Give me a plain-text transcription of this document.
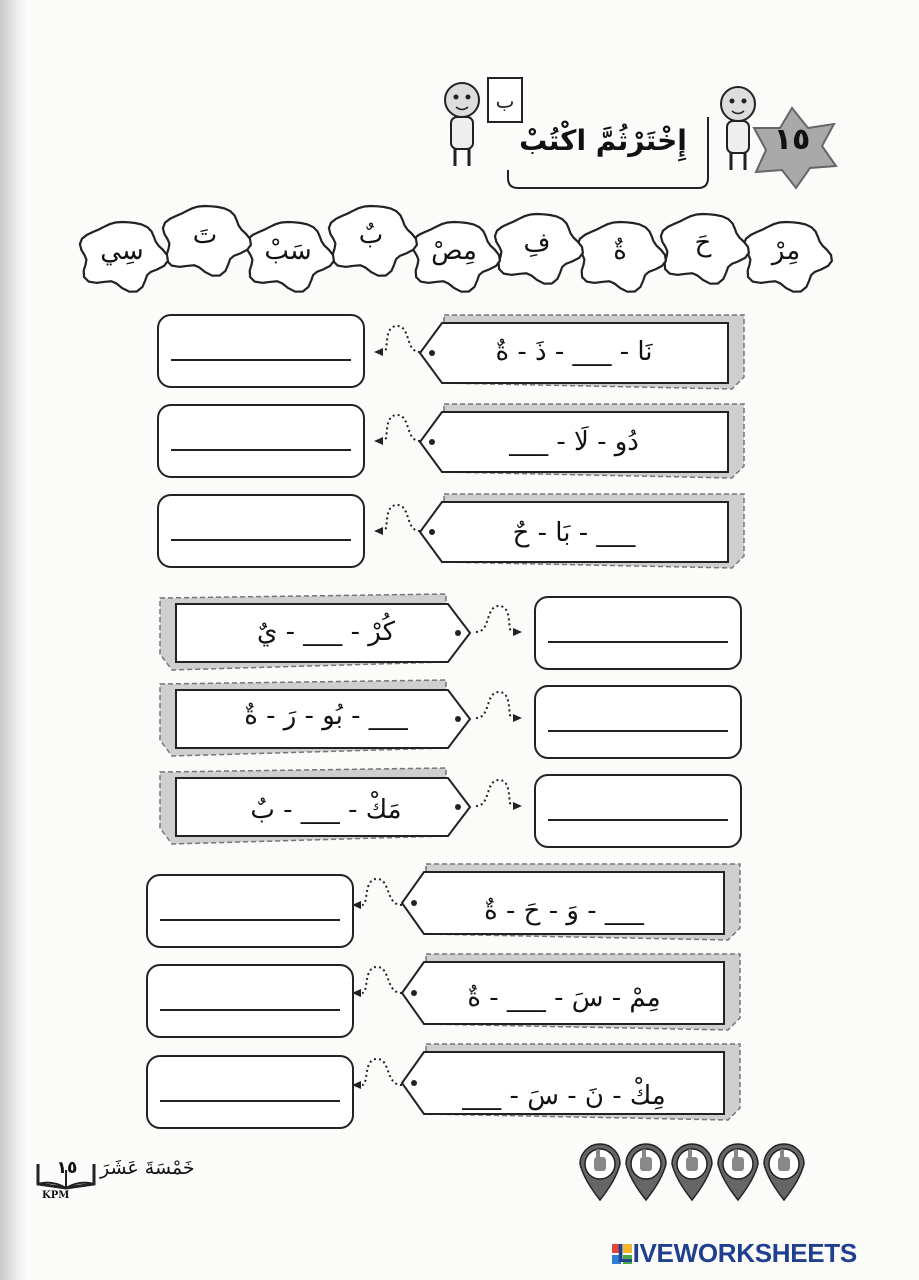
ب
١٥
إِخْتَرْثُمَّ اكْتُبْ
مِرْ
حَ
ةٌ
فِ
مِصْ
بٌ
سَبْ
تَ
سِي
نَا - ___ - ذَ - ةٌ
دُو - لَا - ___
___ - بَا - حٌ
كُرْ - ___ - يٌ
___ - بُو - رَ - ةٌ
مَكْ - ___ - بٌ
___ - وَ - حَ - ةٌ
مِمْ - سَ - ___ - ةٌ
مِكْ - نَ - سَ - ___
خَمْسَةَ عَشَرَ
١٥
KPM
LIVEWORKSHEETS
